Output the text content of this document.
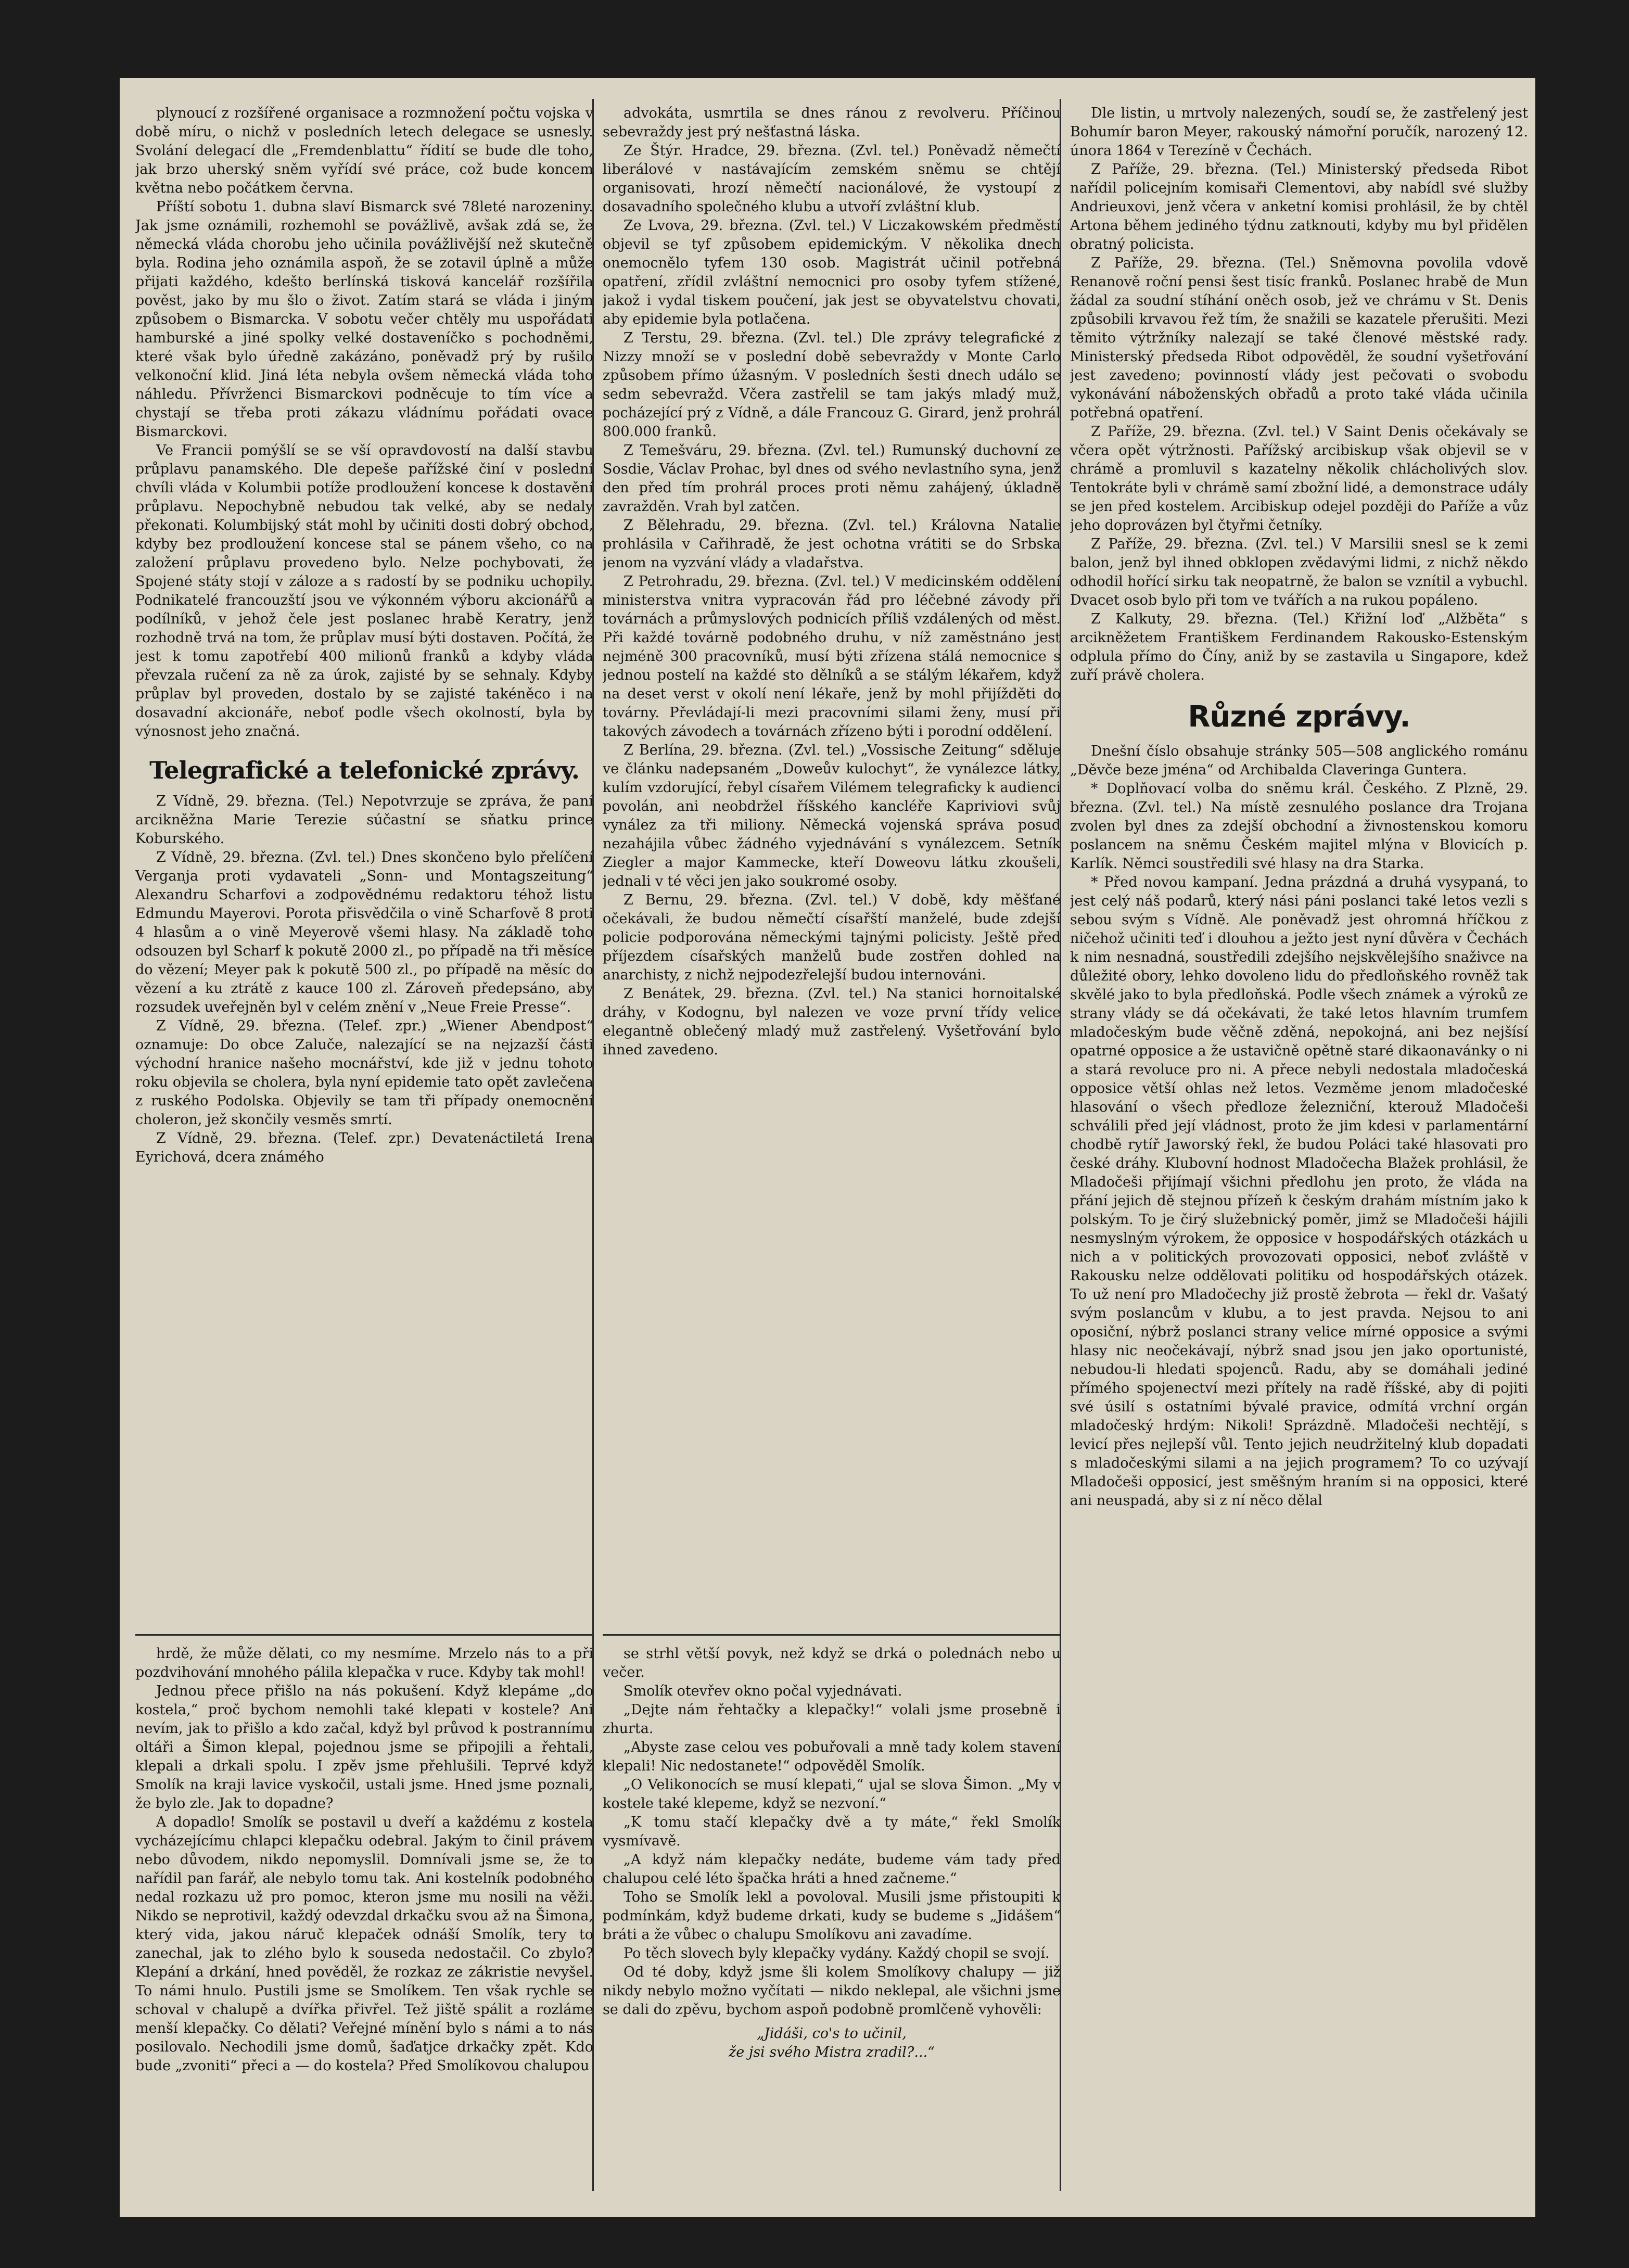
plynoucí z rozšířené organisace a rozmnožení počtu vojska v době míru, o nichž v posledních letech delegace se usnesly. Svolání delegací dle „Fremdenblattu“ řídití se bude dle toho, jak brzo uherský sněm vyřídí své práce, což bude koncem května nebo počátkem června.

Příští sobotu 1. dubna slaví Bismarck své 78leté narozeniny. Jak jsme oznámili, rozhemohl se povážlivě, avšak zdá se, že německá vláda chorobu jeho učinila povážlivější než skutečně byla. Rodina jeho oznámila aspoň, že se zotavil úplně a může přijati každého, kdešto berlínská tisková kancelář rozšířila pověst, jako by mu šlo o život. Zatím stará se vláda i jiným způsobem o Bismarcka. V sobotu večer chtěly mu uspořádati hamburské a jiné spolky velké dostaveníčko s pochodněmi, které však bylo úředně zakázáno, poněvadž prý by rušilo velkonoční klid. Jiná léta nebyla ovšem německá vláda toho náhledu. Přívrženci Bismarckovi podněcuje to tím více a chystají se třeba proti zákazu vládnímu pořádati ovace Bismarckovi.

Ve Francii pomýšlí se se vší opravdovostí na další stavbu průplavu panamského. Dle depeše pařížské činí v poslední chvíli vláda v Kolumbii potíže prodloužení koncese k dostavění průplavu. Nepochybně nebudou tak velké, aby se nedaly překonati. Kolumbijský stát mohl by učiniti dosti dobrý obchod, kdyby bez prodloužení koncese stal se pánem všeho, co na založení průplavu provedeno bylo. Nelze pochybovati, že Spojené státy stojí v záloze a s radostí by se podniku uchopily. Podnikatelé francouzští jsou ve výkonném výboru akcionářů a podílníků, v jehož čele jest poslanec hrabě Keratry, jenž rozhodně trvá na tom, že průplav musí býti dostaven. Počítá, že jest k tomu zapotřebí 400 milionů franků a kdyby vláda převzala ručení za ně za úrok, zajisté by se sehnaly. Kdyby průplav byl proveden, dostalo by se zajisté takéněco i na dosavadní akcionáře, neboť podle všech okolností, byla by výnosnost jeho značná.

Telegrafické a telefonické zprávy.

Z Vídně, 29. března. (Tel.) Nepotvrzuje se zpráva, že paní arcikněžna Marie Terezie súčastní se sňatku prince Koburského.

Z Vídně, 29. března. (Zvl. tel.) Dnes skončeno bylo přelíčení Verganja proti vydavateli „Sonn- und Montagszeitung“ Alexandru Scharfovi a zodpovědnému redaktoru téhož listu Edmundu Mayerovi. Porota přisvědčila o vině Scharfově 8 proti 4 hlasům a o vině Meyerově všemi hlasy. Na základě toho odsouzen byl Scharf k pokutě 2000 zl., po případě na tři měsíce do vězení; Meyer pak k pokutě 500 zl., po případě na měsíc do vězení a ku ztrátě z kauce 100 zl. Zároveň předepsáno, aby rozsudek uveřejněn byl v celém znění v „Neue Freie Presse“.

Z Vídně, 29. března. (Telef. zpr.) „Wiener Abendpost“ oznamuje: Do obce Zaluče, nalezající se na nejzazší části východní hranice našeho mocnářství, kde již v jednu tohoto roku objevila se cholera, byla nyní epidemie tato opět zavlečena z ruského Podolska. Objevily se tam tři případy onemocnění choleron, jež skončily vesměs smrtí.

Z Vídně, 29. března. (Telef. zpr.) Devatenáctiletá Irena Eyrichová, dcera známého

hrdě, že může dělati, co my nesmíme. Mrzelo nás to a při pozdvihování mnohého pálila klepačka v ruce. Kdyby tak mohl!

Jednou přece přišlo na nás pokušení. Když klepáme „do kostela,“ proč bychom nemohli také klepati v kostele? Ani nevím, jak to přišlo a kdo začal, když byl průvod k postrannímu oltáři a Šimon klepal, pojednou jsme se připojili a řehtali, klepali a drkali spolu. I zpěv jsme přehlušili. Teprvé když Smolík na kraji lavice vyskočil, ustali jsme. Hned jsme poznali, že bylo zle. Jak to dopadne?

A dopadlo! Smolík se postavil u dveří a každému z kostela vycházejícímu chlapci klepačku odebral. Jakým to činil právem nebo důvodem, nikdo nepomyslil. Domnívali jsme se, že to nařídil pan farář, ale nebylo tomu tak. Ani kostelník podobného nedal rozkazu už pro pomoc, kteron jsme mu nosili na věži. Nikdo se neprotivil, každý odevzdal drkačku svou až na Šimona, který vida, jakou náruč klepaček odnáší Smolík, tery to zanechal, jak to zlého bylo k souseda nedostačil. Co zbylo? Klepání a drkání, hned pověděl, že rozkaz ze zákristie nevyšel. To námi hnulo. Pustili jsme se Smolíkem. Ten však rychle se schoval v chalupě a dvířka přivřel. Tež jiště spálit a rozláme menší klepačky. Co dělati? Veřejné mínění bylo s námi a to nás posilovalo. Nechodili jsme domů, šaďatjce drkačky zpět. Kdo bude „zvoniti“ přeci a — do kostela? Před Smolíkovou chalupou

advokáta, usmrtila se dnes ránou z revolveru. Příčinou sebevraždy jest prý nešťastná láska.

Ze Štýr. Hradce, 29. března. (Zvl. tel.) Poněvadž němečtí liberálové v nastávajícím zemském sněmu se chtějí organisovati, hrozí němečtí nacionálové, že vystoupí z dosavadního společného klubu a utvoří zvláštní klub.

Ze Lvova, 29. března. (Zvl. tel.) V Liczakowském předměstí objevil se tyf způsobem epidemickým. V několika dnech onemocnělo tyfem 130 osob. Magistrát učinil potřebná opatření, zřídil zvláštní nemocnici pro osoby tyfem stížené, jakož i vydal tiskem poučení, jak jest se obyvatelstvu chovati, aby epidemie byla potlačena.

Z Terstu, 29. března. (Zvl. tel.) Dle zprávy telegrafické z Nizzy množí se v poslední době sebevraždy v Monte Carlo způsobem přímo úžasným. V posledních šesti dnech událo se sedm sebevražd. Včera zastřelil se tam jakýs mladý muž, pocházející prý z Vídně, a dále Francouz G. Girard, jenž prohrál 800.000 franků.

Z Temešváru, 29. března. (Zvl. tel.) Rumunský duchovní ze Sosdie, Václav Prohac, byl dnes od svého nevlastního syna, jenž den před tím prohrál proces proti němu zahájený, úkladně zavražděn. Vrah byl zatčen.

Z Bělehradu, 29. března. (Zvl. tel.) Královna Natalie prohlásila v Cařihradě, že jest ochotna vrátiti se do Srbska jenom na vyzvání vlády a vladařstva.

Z Petrohradu, 29. března. (Zvl. tel.) V medicinském oddělení ministerstva vnitra vypracován řád pro léčebné závody při továrnách a průmyslových podnicích příliš vzdálených od měst. Při každé továrně podobného druhu, v níž zaměstnáno jest nejméně 300 pracovníků, musí býti zřízena stálá nemocnice s jednou postelí na každé sto dělníků a se stálým lékařem, když na deset verst v okolí není lékaře, jenž by mohl přijížděti do továrny. Převládají-li mezi pracovními silami ženy, musí při takových závodech a továrnách zřízeno býti i porodní oddělení.

Z Berlína, 29. března. (Zvl. tel.) „Vossische Zeitung“ sděluje ve článku nadepsaném „Doweův kulochyt“, že vynálezce látky, kulím vzdorující, řebyl císařem Vilémem telegraficky k audienci povolán, ani neobdržel říšského kancléře Kapriviovi svůj vynález za tři miliony. Německá vojenská správa posud nezahájila vůbec žádného vyjednávání s vynálezcem. Setník Ziegler a major Kammecke, kteří Doweovu látku zkoušeli, jednali v té věci jen jako soukromé osoby.

Z Bernu, 29. března. (Zvl. tel.) V době, kdy měšťané očekávali, že budou němečtí císařští manželé, bude zdejší policie podporována německými tajnými policisty. Ještě před příjezdem císařských manželů bude zostřen dohled na anarchisty, z nichž nejpodezřelejší budou internováni.

Z Benátek, 29. března. (Zvl. tel.) Na stanici hornoitalské dráhy, v Kodognu, byl nalezen ve voze první třídy velice elegantně oblečený mladý muž zastřelený. Vyšetřování bylo ihned zavedeno.

se strhl větší povyk, než když se drká o polednách nebo u večer.

Smolík otevřev okno počal vyjednávati.

„Dejte nám řehtačky a klepačky!“ volali jsme prosebně i zhurta.

„Abyste zase celou ves pobuřovali a mně tady kolem stavení klepali! Nic nedostanete!“ odpověděl Smolík.

„O Velikonocích se musí klepati,“ ujal se slova Šimon. „My v kostele také klepeme, když se nezvoní.“

„K tomu stačí klepačky dvě a ty máte,“ řekl Smolík vysmívavě.

„A když nám klepačky nedáte, budeme vám tady před chalupou celé léto špačka hráti a hned začneme.“

Toho se Smolík lekl a povoloval. Musili jsme přistoupiti k podmínkám, když budeme drkati, kudy se budeme s „Jidášem“ bráti a že vůbec o chalupu Smolíkovu ani zavadíme.

Po těch slovech byly klepačky vydány. Každý chopil se svojí.

Od té doby, když jsme šli kolem Smolíkovy chalupy — již nikdy nebylo možno vyčítati — nikdo neklepal, ale všichni jsme se dali do zpěvu, bychom aspoň podobně promlčeně vyhověli:

„Jidáši, co's to učinil,

že jsi svého Mistra zradil?...“

Dle listin, u mrtvoly nalezených, soudí se, že zastřelený jest Bohumír baron Meyer, rakouský námořní poručík, narozený 12. února 1864 v Terezíně v Čechách.

Z Paříže, 29. března. (Tel.) Ministerský předseda Ribot nařídil policejním komisaři Clementovi, aby nabídl své služby Andrieuxovi, jenž včera v anketní komisi prohlásil, že by chtěl Artona během jediného týdnu zatknouti, kdyby mu byl přidělen obratný policista.

Z Paříže, 29. března. (Tel.) Sněmovna povolila vdově Renanově roční pensi šest tisíc franků. Poslanec hrabě de Mun žádal za soudní stíhání oněch osob, jež ve chrámu v St. Denis způsobili krvavou řež tím, že snažili se kazatele přerušiti. Mezi těmito výtržníky nalezají se také členové městské rady. Ministerský předseda Ribot odpověděl, že soudní vyšetřování jest zavedeno; povinností vlády jest pečovati o svobodu vykonávání náboženských obřadů a proto také vláda učinila potřebná opatření.

Z Paříže, 29. března. (Zvl. tel.) V Saint Denis očekávaly se včera opět výtržnosti. Pařížský arcibiskup však objevil se v chrámě a promluvil s kazatelny několik chlácholivých slov. Tentokráte byli v chrámě samí zbožní lidé, a demonstrace udály se jen před kostelem. Arcibiskup odejel později do Paříže a vůz jeho doprovázen byl čtyřmi četníky.

Z Paříže, 29. března. (Zvl. tel.) V Marsilii snesl se k zemi balon, jenž byl ihned obklopen zvědavými lidmi, z nichž někdo odhodil hořící sirku tak neopatrně, že balon se vznítil a vybuchl. Dvacet osob bylo při tom ve tvářích a na rukou popáleno.

Z Kalkuty, 29. března. (Tel.) Křižní loď „Alžběta“ s arcikněžetem Františkem Ferdinandem Rakousko-Estenským odplula přímo do Číny, aniž by se zastavila u Singapore, kdež zuří právě cholera.

Různé zprávy.

Dnešní číslo obsahuje stránky 505—508 anglického románu „Děvče beze jména“ od Archibalda Claveringa Guntera.

* Doplňovací volba do sněmu král. Českého. Z Plzně, 29. března. (Zvl. tel.) Na místě zesnulého poslance dra Trojana zvolen byl dnes za zdejší obchodní a živnostenskou komoru poslancem na sněmu Českém majitel mlýna v Blovicích p. Karlík. Němci soustředili své hlasy na dra Starka.

* Před novou kampaní. Jedna prázdná a druhá vysypaná, to jest celý náš podarů, který nási páni poslanci také letos vezli s sebou svým s Vídně. Ale poněvadž jest ohromná hříčkou z ničehož učiniti teď i dlouhou a ježto jest nyní důvěra v Čechách k nim nesnadná, soustředili zdejšího nejskvělejšího snaživce na důležité obory, lehko dovoleno lidu do předloňského rovněž tak skvělé jako to byla předloňská. Podle všech známek a výroků ze strany vlády se dá očekávati, že také letos hlavním trumfem mladočeským bude věčně zděná, nepokojná, ani bez nejšísí opatrné opposice a že ustavičně opětně staré dikaonavánky o ni a stará revoluce pro ni. A přece nebyli nedostala mladočeská opposice větší ohlas než letos. Vezměme jenom mladočeské hlasování o všech předloze železniční, kterouž Mladočeši schválili před její vládnost, proto že jim kdesi v parlamentární chodbě rytíř Jaworský řekl, že budou Poláci také hlasovati pro české dráhy. Klubovní hodnost Mladočecha Blažek prohlásil, že Mladočeši přijímají všichni předlohu jen proto, že vláda na přání jejich dě stejnou přízeň k českým drahám místním jako k polským. To je čirý služebnický poměr, jimž se Mladočeši hájili nesmyslným výrokem, že opposice v hospodářských otázkách u nich a v politických provozovati opposici, neboť zvláště v Rakousku nelze oddělovati politiku od hospodářských otázek. To už není pro Mladočechy již prostě žebrota — řekl dr. Vašatý svým poslancům v klubu, a to jest pravda. Nejsou to ani oposiční, nýbrž poslanci strany velice mírné opposice a svými hlasy nic neočekávají, nýbrž snad jsou jen jako oportunisté, nebudou-li hledati spojenců. Radu, aby se domáhali jediné přímého spojenectví mezi přítely na radě říšské, aby di pojiti své úsilí s ostatními bývalé pravice, odmítá vrchní orgán mladočeský hrdým: Nikoli! Sprázdně. Mladočeši nechtějí, s levicí přes nejlepší vůl. Tento jejich neudržitelný klub dopadati s mladočeskými silami a na jejich programem? To co uzývají Mladočeši opposicí, jest směšným hraním si na opposici, které ani neuspadá, aby si z ní něco dělal
